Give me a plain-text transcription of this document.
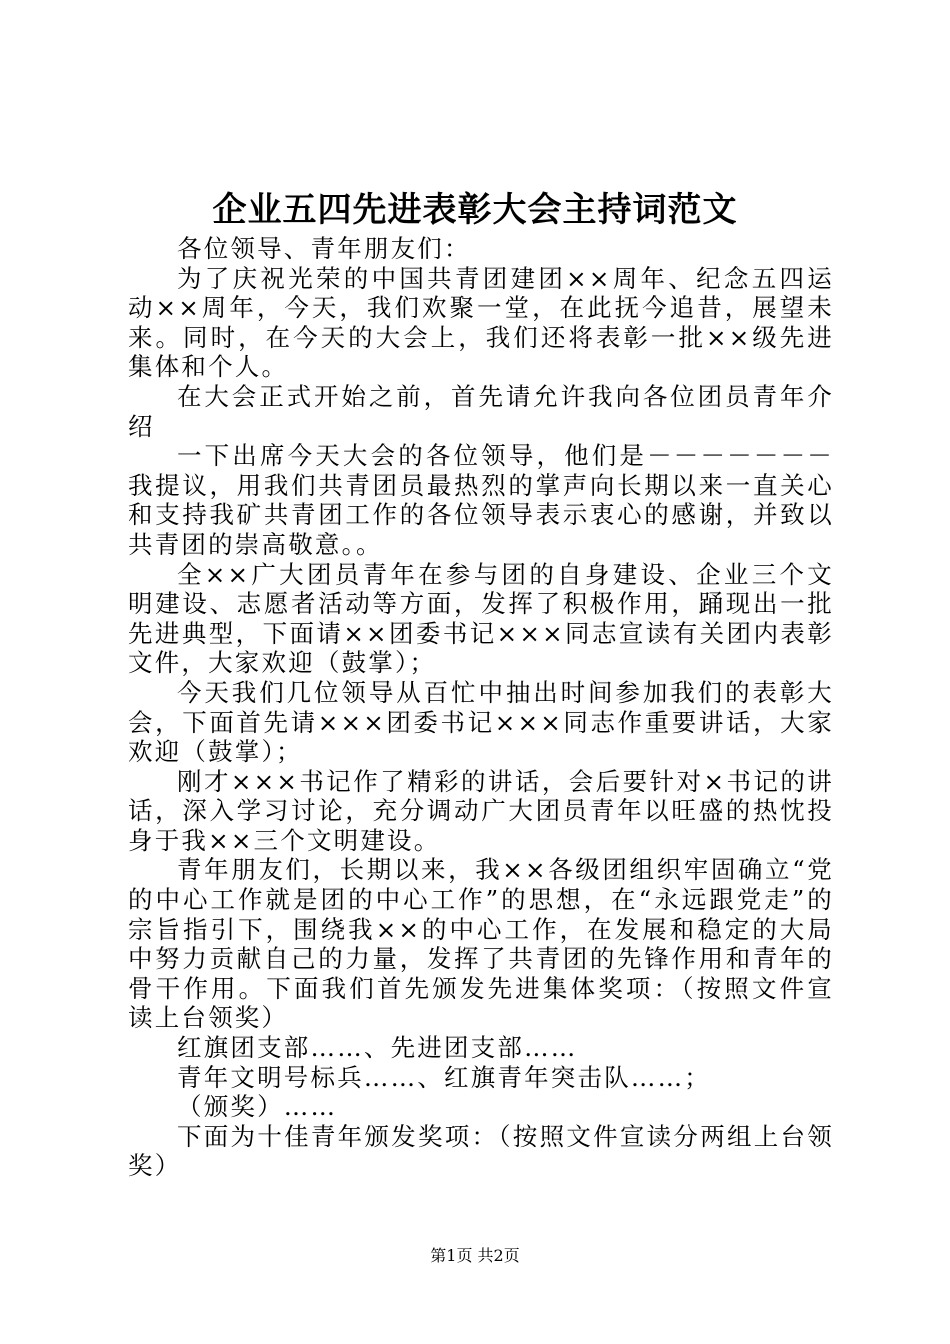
企业五四先进表彰大会主持词范文

各位领导、青年朋友们：

为了庆祝光荣的中国共青团建团××周年、纪念五四运动××周年，今天，我们欢聚一堂，在此抚今追昔，展望未来。同时，在今天的大会上，我们还将表彰一批××级先进集体和个人。

在大会正式开始之前，首先请允许我向各位团员青年介绍

一下出席今天大会的各位领导，他们是－－－－－－－我提议，用我们共青团员最热烈的掌声向长期以来一直关心和支持我矿共青团工作的各位领导表示衷心的感谢，并致以共青团的崇高敬意。。

全××广大团员青年在参与团的自身建设、企业三个文明建设、志愿者活动等方面，发挥了积极作用，踊现出一批先进典型，下面请××团委书记×××同志宣读有关团内表彰文件，大家欢迎（鼓掌）；

今天我们几位领导从百忙中抽出时间参加我们的表彰大会，下面首先请×××团委书记×××同志作重要讲话，大家欢迎（鼓掌）；

刚才×××书记作了精彩的讲话，会后要针对×书记的讲话，深入学习讨论，充分调动广大团员青年以旺盛的热忱投身于我××三个文明建设。

青年朋友们，长期以来，我××各级团组织牢固确立“党的中心工作就是团的中心工作”的思想，在“永远跟党走”的宗旨指引下，围绕我××的中心工作，在发展和稳定的大局中努力贡献自己的力量，发挥了共青团的先锋作用和青年的骨干作用。下面我们首先颁发先进集体奖项：（按照文件宣读上台领奖）

红旗团支部……、先进团支部……

青年文明号标兵……、红旗青年突击队……；

（颁奖）……

下面为十佳青年颁发奖项：（按照文件宣读分两组上台领奖）

第1页 共2页
